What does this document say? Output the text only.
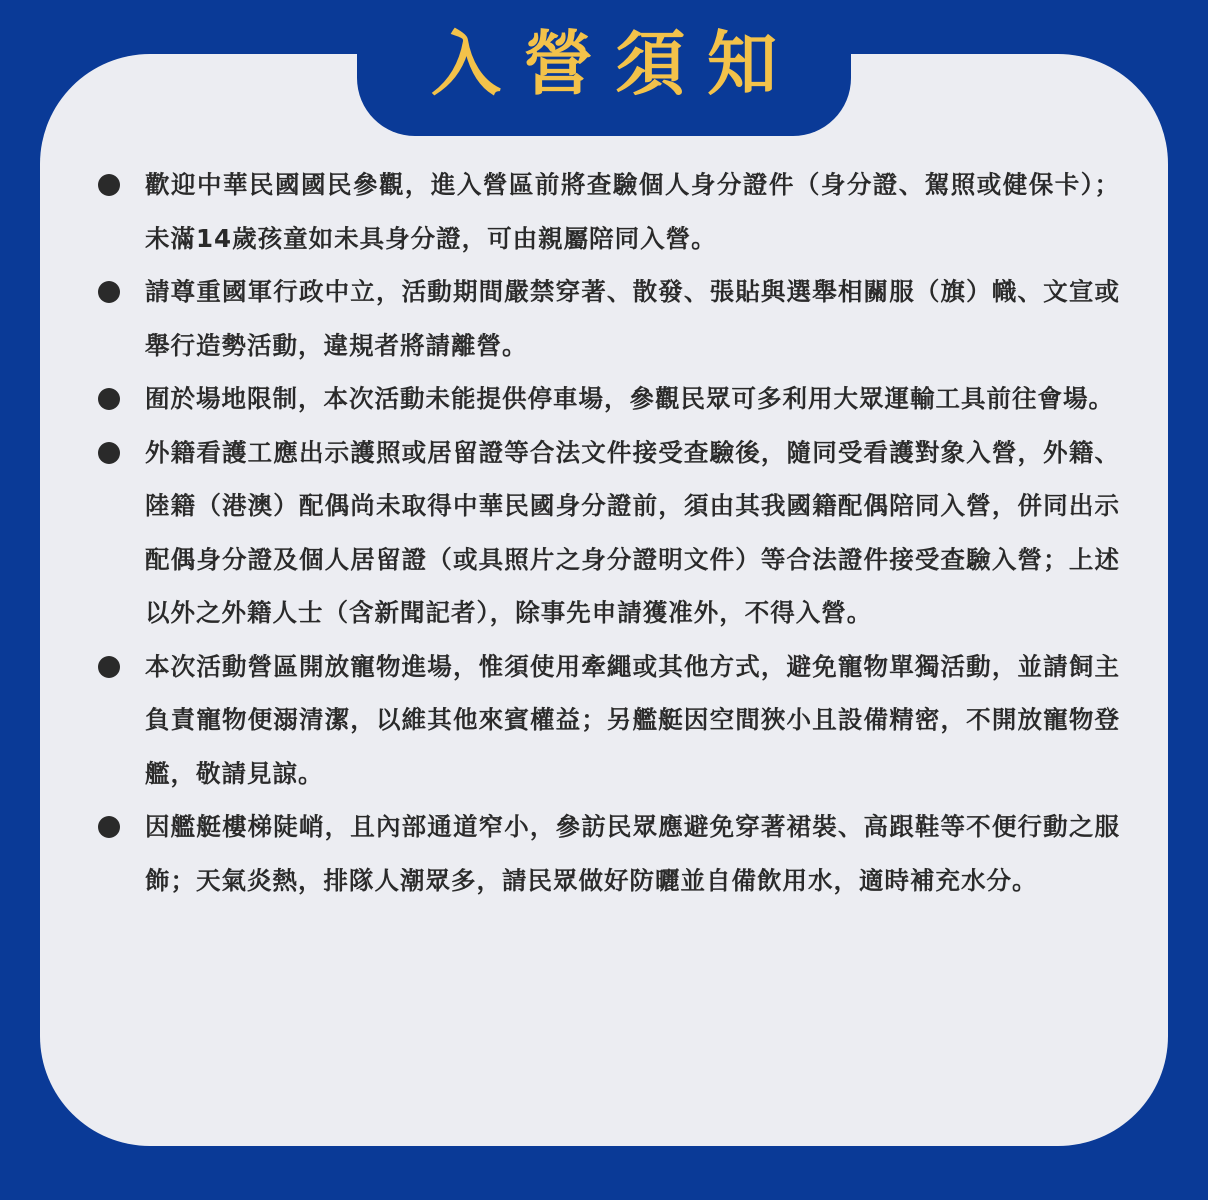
入營須知
歡迎中華民國國民參觀，進入營區前將查驗個人身分證件（身分證、駕照或健保卡）；未滿14歲孩童如未具身分證，可由親屬陪同入營。
請尊重國軍行政中立，活動期間嚴禁穿著、散發、張貼與選舉相關服（旗）幟、文宣或舉行造勢活動，違規者將請離營。
囿於場地限制，本次活動未能提供停車場，參觀民眾可多利用大眾運輸工具前往會場。
外籍看護工應出示護照或居留證等合法文件接受查驗後，隨同受看護對象入營，外籍、陸籍（港澳）配偶尚未取得中華民國身分證前，須由其我國籍配偶陪同入營，併同出示配偶身分證及個人居留證（或具照片之身分證明文件）等合法證件接受查驗入營；上述以外之外籍人士（含新聞記者），除事先申請獲准外，不得入營。
本次活動營區開放寵物進場，惟須使用牽繩或其他方式，避免寵物單獨活動，並請飼主負責寵物便溺清潔，以維其他來賓權益；另艦艇因空間狹小且設備精密，不開放寵物登艦，敬請見諒。
因艦艇樓梯陡峭，且內部通道窄小，參訪民眾應避免穿著裙裝、高跟鞋等不便行動之服飾；天氣炎熱，排隊人潮眾多，請民眾做好防曬並自備飲用水，適時補充水分。
